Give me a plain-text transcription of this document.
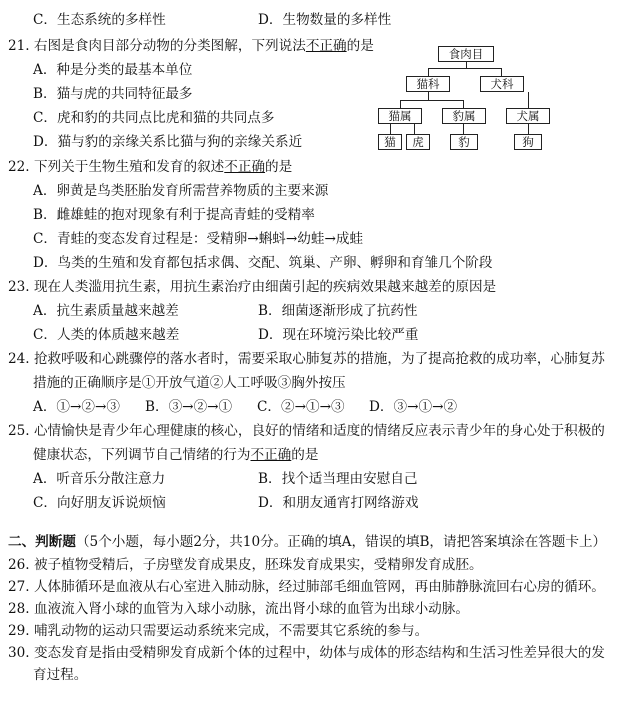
C．生态系统的多样性	D．生物数量的多样性
21. 右图是食肉目部分动物的分类图解，下列说法不正确的是
A．种是分类的最基本单位
B．猫与虎的共同特征最多
C．虎和豹的共同点比虎和猫的共同点多
D．猫与豹的亲缘关系比猫与狗的亲缘关系近
食肉目
猫科	犬科
猫属	豹属	犬属
猫	虎	豹	狗
22. 下列关于生物生殖和发育的叙述不正确的是
A．卵黄是鸟类胚胎发育所需营养物质的主要来源
B．雌雄蛙的抱对现象有利于提高青蛙的受精率
C．青蛙的变态发育过程是：受精卵→蝌蚪→幼蛙→成蛙
D．鸟类的生殖和发育都包括求偶、交配、筑巢、产卵、孵卵和育雏几个阶段
23. 现在人类滥用抗生素，用抗生素治疗由细菌引起的疾病效果越来越差的原因是
A．抗生素质量越来越差	B．细菌逐渐形成了抗药性
C．人类的体质越来越差	D．现在环境污染比较严重
24. 抢救呼吸和心跳骤停的落水者时，需要采取心肺复苏的措施，为了提高抢救的成功率，心肺复苏
措施的正确顺序是①开放气道②人工呼吸③胸外按压
A．①→②→③ B．③→②→① C．②→①→③ D．③→①→②
25. 心情愉快是青少年心理健康的核心，良好的情绪和适度的情绪反应表示青少年的身心处于积极的
健康状态，下列调节自己情绪的行为不正确的是
A．听音乐分散注意力	B．找个适当理由安慰自己
C．向好朋友诉说烦恼	D．和朋友通宵打网络游戏
二、判断题（5个小题，每小题2分，共10分。正确的填A，错误的填B，请把答案填涂在答题卡上）
26. 被子植物受精后，子房壁发育成果皮，胚珠发育成果实，受精卵发育成胚。
27. 人体肺循环是血液从右心室进入肺动脉，经过肺部毛细血管网，再由肺静脉流回右心房的循环。
28. 血液流入肾小球的血管为入球小动脉，流出肾小球的血管为出球小动脉。
29. 哺乳动物的运动只需要运动系统来完成，不需要其它系统的参与。
30. 变态发育是指由受精卵发育成新个体的过程中，幼体与成体的形态结构和生活习性差异很大的发
育过程。
